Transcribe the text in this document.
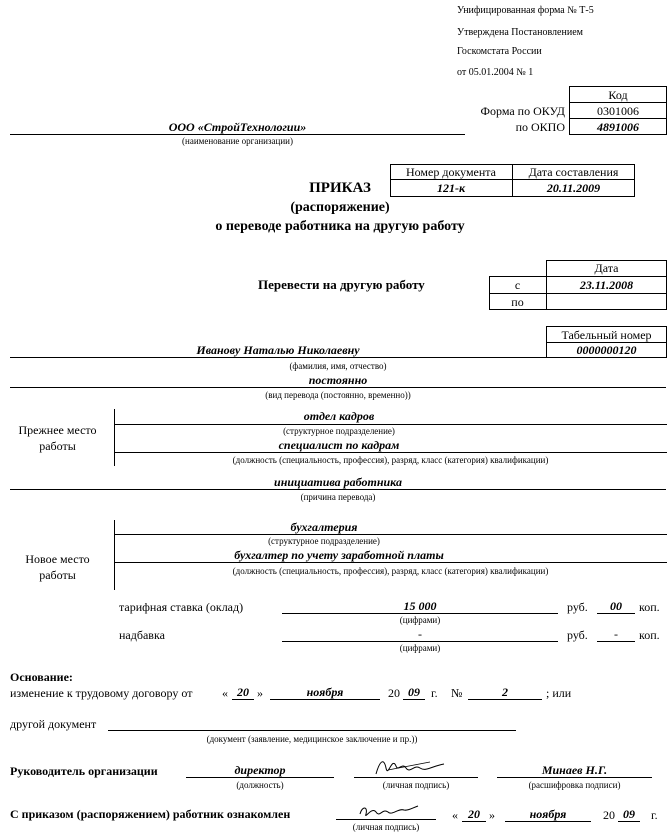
Унифицированная форма № Т-5
Утверждена Постановлением
Госкомстата России
от 05.01.2004 № 1
Код
Форма по ОКУД	0301006
по ОКПО	4891006
ООО «СтройТехнологии»
(наименование организации)
Номер документа	Дата составления
121-к	20.11.2009
ПРИКАЗ
(распоряжение)
о переводе работника на другую работу
Перевести на другую работу
Дата
с	23.11.2008
по
Табельный номер
0000000120
Иванову Наталью Николаевну
(фамилия, имя, отчество)
постоянно
(вид перевода (постоянно, временно))
Прежнее место
работы
отдел кадров
(структурное подразделение)
специалист по кадрам
(должность (специальность, профессия), разряд, класс (категория) квалификации)
инициатива работника
(причина перевода)
Новое место
работы
бухгалтерия
(структурное подразделение)
бухгалтер по учету заработной платы
(должность (специальность, профессия), разряд, класс (категория) квалификации)
тарифная ставка (оклад)	15 000
(цифрами)
руб.	00	коп.
надбавка	-
(цифрами)
руб.	-	коп.
Основание:
изменение к трудовому договору от « 20 »	ноября	20 09 г. №	2	; или
другой документ
(документ (заявление, медицинское заключение и пр.))
Руководитель организации	директор
(должность)	(личная подпись)
Минаев Н.Г.
(расшифровка подписи)
С приказом (распоряжением) работник ознакомлен
(личная подпись)
« 20 »	ноября	20 09	г.
